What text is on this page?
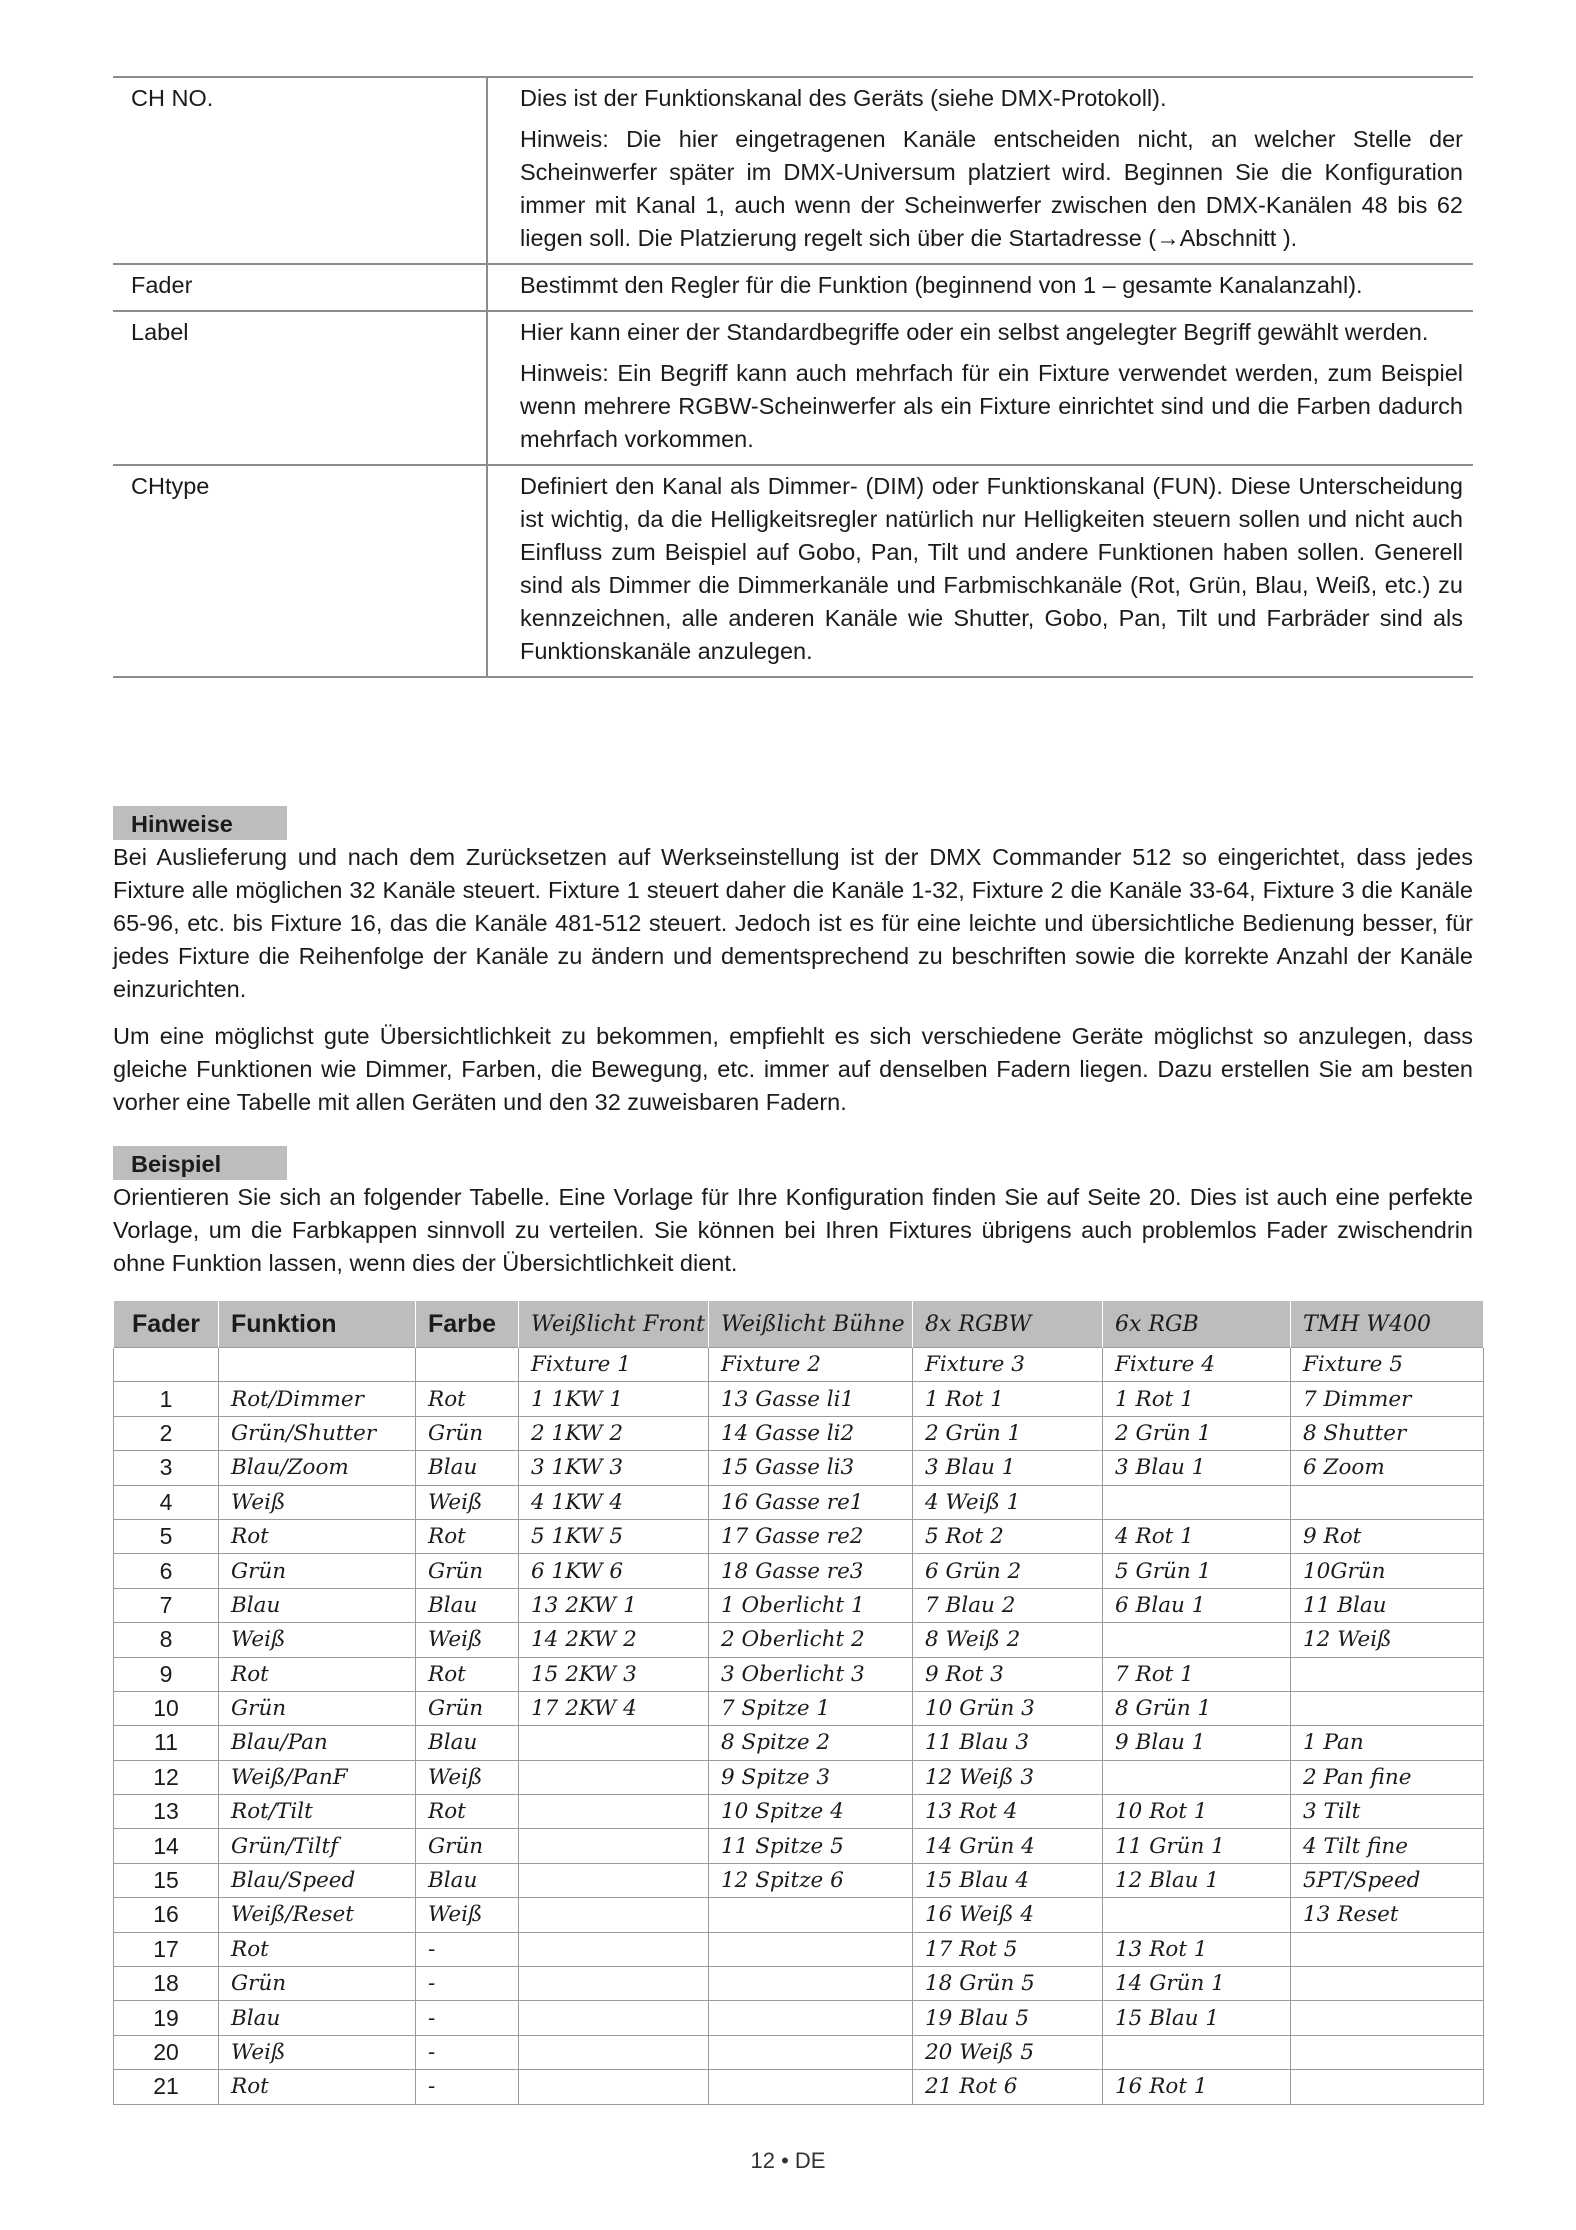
CH NO.	Dies ist der Funktionskanal des Geräts (siehe DMX-Protokoll).

Hinweis: Die hier eingetragenen Kanäle entscheiden nicht, an welcher Stelle der Scheinwerfer später im DMX-Universum platziert wird. Beginnen Sie die Konfiguration immer mit Kanal 1, auch wenn der Scheinwerfer zwischen den DMX-Kanälen 48 bis 62 liegen soll. Die Platzierung regelt sich über die Startadresse (→Abschnitt ).

Fader	Bestimmt den Regler für die Funktion (beginnend von 1 – gesamte Kanalanzahl).

Label	Hier kann einer der Standardbegriffe oder ein selbst angelegter Begriff gewählt werden.

Hinweis: Ein Begriff kann auch mehrfach für ein Fixture verwendet werden, zum Beispiel wenn mehrere RGBW-Scheinwerfer als ein Fixture einrichtet sind und die Farben dadurch mehrfach vorkommen.

CHtype	Definiert den Kanal als Dimmer- (DIM) oder Funktionskanal (FUN). Diese Unterscheidung ist wichtig, da die Helligkeitsregler natürlich nur Helligkeiten steuern sollen und nicht auch Einfluss zum Beispiel auf Gobo, Pan, Tilt und andere Funktionen haben sollen. Generell sind als Dimmer die Dimmerkanäle und Farbmischkanäle (Rot, Grün, Blau, Weiß, etc.) zu kennzeichnen, alle anderen Kanäle wie Shutter, Gobo, Pan, Tilt und Farbräder sind als Funktionskanäle anzulegen.

Hinweise

Bei Auslieferung und nach dem Zurücksetzen auf Werkseinstellung ist der DMX Commander 512 so eingerichtet, dass jedes Fixture alle möglichen 32 Kanäle steuert. Fixture 1 steuert daher die Kanäle 1-32, Fixture 2 die Kanäle 33-64, Fixture 3 die Kanäle 65-96, etc. bis Fixture 16, das die Kanäle 481-512 steuert. Jedoch ist es für eine leichte und übersichtliche Bedienung besser, für jedes Fixture die Reihenfolge der Kanäle zu ändern und dementsprechend zu beschriften sowie die korrekte Anzahl der Kanäle einzurichten.

Um eine möglichst gute Übersichtlichkeit zu bekommen, empfiehlt es sich verschiedene Geräte möglichst so anzulegen, dass gleiche Funktionen wie Dimmer, Farben, die Bewegung, etc. immer auf denselben Fadern liegen. Dazu erstellen Sie am besten vorher eine Tabelle mit allen Geräten und den 32 zuweisbaren Fadern.

Beispiel

Orientieren Sie sich an folgender Tabelle. Eine Vorlage für Ihre Konfiguration finden Sie auf Seite 20. Dies ist auch eine perfekte Vorlage, um die Farbkappen sinnvoll zu verteilen. Sie können bei Ihren Fixtures übrigens auch problemlos Fader zwischendrin ohne Funktion lassen, wenn dies der Übersichtlichkeit dient.

Fader	Funktion	Farbe	Weißlicht Front	Weißlicht Bühne	8x RGBW	6x RGB	TMH W400
			Fixture 1	Fixture 2	Fixture 3	Fixture 4	Fixture 5
1	Rot/Dimmer	Rot	1 1KW 1	13 Gasse li1	1 Rot 1	1 Rot 1	7 Dimmer
2	Grün/Shutter	Grün	2 1KW 2	14 Gasse li2	2 Grün 1	2 Grün 1	8 Shutter
3	Blau/Zoom	Blau	3 1KW 3	15 Gasse li3	3 Blau 1	3 Blau 1	6 Zoom
4	Weiß	Weiß	4 1KW 4	16 Gasse re1	4 Weiß 1		
5	Rot	Rot	5 1KW 5	17 Gasse re2	5 Rot 2	4 Rot 1	9 Rot
6	Grün	Grün	6 1KW 6	18 Gasse re3	6 Grün 2	5 Grün 1	10Grün
7	Blau	Blau	13 2KW 1	1 Oberlicht 1	7 Blau 2	6 Blau 1	11 Blau
8	Weiß	Weiß	14 2KW 2	2 Oberlicht 2	8 Weiß 2		12 Weiß
9	Rot	Rot	15 2KW 3	3 Oberlicht 3	9 Rot 3	7 Rot 1	
10	Grün	Grün	17 2KW 4	7 Spitze 1	10 Grün 3	8 Grün 1	
11	Blau/Pan	Blau		8 Spitze 2	11 Blau 3	9 Blau 1	1 Pan
12	Weiß/PanF	Weiß		9 Spitze 3	12 Weiß 3		2 Pan fine
13	Rot/Tilt	Rot		10 Spitze 4	13 Rot 4	10 Rot 1	3 Tilt
14	Grün/Tiltf	Grün		11 Spitze 5	14 Grün 4	11 Grün 1	4 Tilt fine
15	Blau/Speed	Blau		12 Spitze 6	15 Blau 4	12 Blau 1	5PT/Speed
16	Weiß/Reset	Weiß			16 Weiß 4		13 Reset
17	Rot	-			17 Rot 5	13 Rot 1	
18	Grün	-			18 Grün 5	14 Grün 1	
19	Blau	-			19 Blau 5	15 Blau 1	
20	Weiß	-			20 Weiß 5		
21	Rot	-			21 Rot 6	16 Rot 1	
12 • DE
